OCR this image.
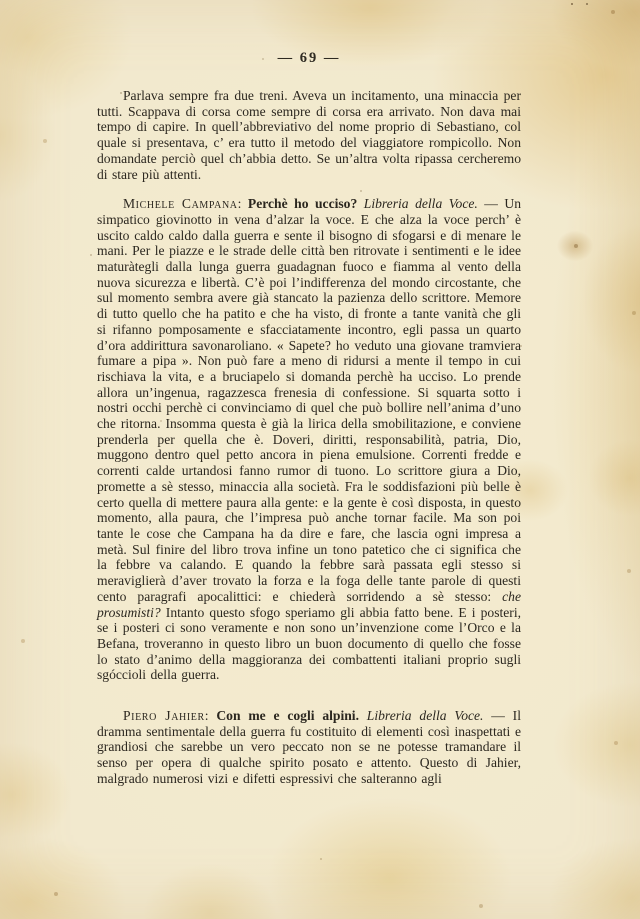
— 69 —

Parlava sempre fra due treni. Aveva un incitamento, una minaccia per tutti. Scappava di corsa come sempre di corsa era arrivato. Non dava mai tempo di capire. In quell’abbreviativo del nome proprio di Sebastiano, col quale si presentava, c’ era tutto il metodo del viaggiatore rompicollo. Non domandate perciò quel ch’abbia detto. Se un’altra volta ripassa cercheremo di stare più attenti.

Michele Campana: Perchè ho ucciso? Libreria della Voce. — Un simpatico giovinotto in vena d’alzar la voce. E che alza la voce perch’ è uscito caldo caldo dalla guerra e sente il bisogno di sfogarsi e di menare le mani. Per le piazze e le strade delle città ben ritrovate i sentimenti e le idee maturàtegli dalla lunga guerra guadagnan fuoco e fiamma al vento della nuova sicurezza e libertà. C’è poi l’indifferenza del mondo circostante, che sul momento sembra avere già stancato la pazienza dello scrittore. Memore di tutto quello che ha patito e che ha visto, di fronte a tante vanità che gli si rifanno pomposamente e sfacciatamente incontro, egli passa un quarto d’ora addirittura savonaroliano. « Sapete? ho veduto una giovane tramviera fumare a pipa ». Non può fare a meno di ridursi a mente il tempo in cui rischiava la vita, e a bruciapelo si domanda perchè ha ucciso. Lo prende allora un’ingenua, ragazzesca frenesia di confessione. Si squarta sotto i nostri occhi perchè ci convinciamo di quel che può bollire nell’anima d’uno che ritorna. Insomma questa è già la lirica della smobilitazione, e conviene prenderla per quella che è. Doveri, diritti, responsabilità, patria, Dio, muggono dentro quel petto ancora in piena emulsione. Correnti fredde e correnti calde urtandosi fanno rumor di tuono. Lo scrittore giura a Dio, promette a sè stesso, minaccia alla società. Fra le soddisfazioni più belle è certo quella di mettere paura alla gente: e la gente è così disposta, in questo momento, alla paura, che l’impresa può anche tornar facile. Ma son poi tante le cose che Campana ha da dire e fare, che lascia ogni impresa a metà. Sul finire del libro trova infine un tono patetico che ci significa che la febbre va calando. E quando la febbre sarà passata egli stesso si meraviglierà d’aver trovato la forza e la foga delle tante parole di questi cento paragrafi apocalittici: e chiederà sorridendo a sè stesso: che prosumisti? Intanto questo sfogo speriamo gli abbia fatto bene. E i posteri, se i posteri ci sono veramente e non sono un’invenzione come l’Orco e la Befana, troveranno in questo libro un buon documento di quello che fosse lo stato d’animo della maggioranza dei combattenti italiani proprio sugli sgóccioli della guerra.

Piero Jahier: Con me e cogli alpini. Libreria della Voce. — Il dramma sentimentale della guerra fu costituito di elementi così inaspettati e grandiosi che sarebbe un vero peccato non se ne potesse tramandare il senso per opera di qualche spirito posato e attento. Questo di Jahier, malgrado numerosi vizi e difetti espressivi che salteranno agli
